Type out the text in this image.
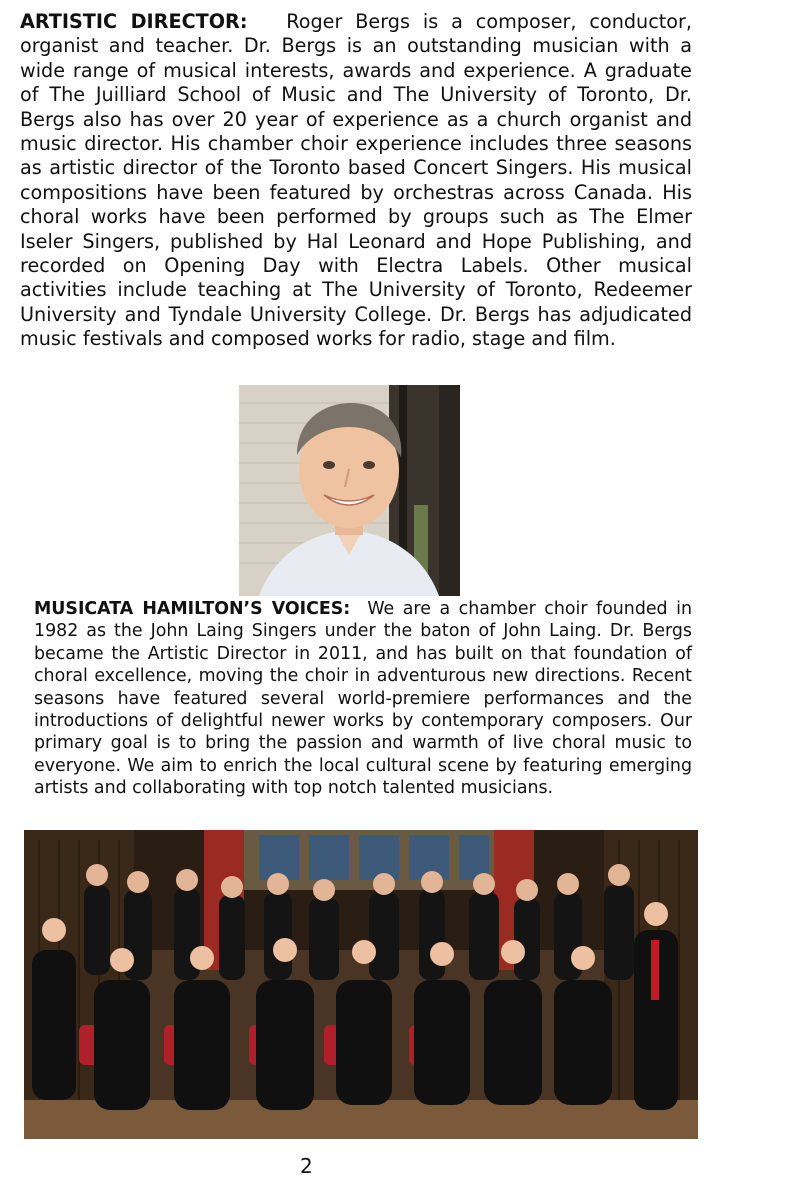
ARTISTIC DIRECTOR: Roger Bergs is a composer, conductor, organist and teacher. Dr. Bergs is an outstanding musician with a wide range of musical interests, awards and experience. A graduate of The Juilliard School of Music and The University of Toronto, Dr. Bergs also has over 20 year of experience as a church organist and music director. His chamber choir experience includes three seasons as artistic director of the Toronto based Concert Singers. His musical compositions have been featured by orchestras across Canada. His choral works have been performed by groups such as The Elmer Iseler Singers, published by Hal Leonard and Hope Publishing, and recorded on Opening Day with Electra Labels. Other musical activities include teaching at The University of Toronto, Redeemer University and Tyndale University College. Dr. Bergs has adjudicated music festivals and composed works for radio, stage and film.

MUSICATA HAMILTON’S VOICES: We are a chamber choir founded in 1982 as the John Laing Singers under the baton of John Laing. Dr. Bergs became the Artistic Director in 2011, and has built on that foundation of choral excellence, moving the choir in adventurous new directions. Recent seasons have featured several world-premiere performances and the introductions of delightful newer works by contemporary composers. Our primary goal is to bring the passion and warmth of live choral music to everyone. We aim to enrich the local cultural scene by featuring emerging artists and collaborating with top notch talented musicians.

2
